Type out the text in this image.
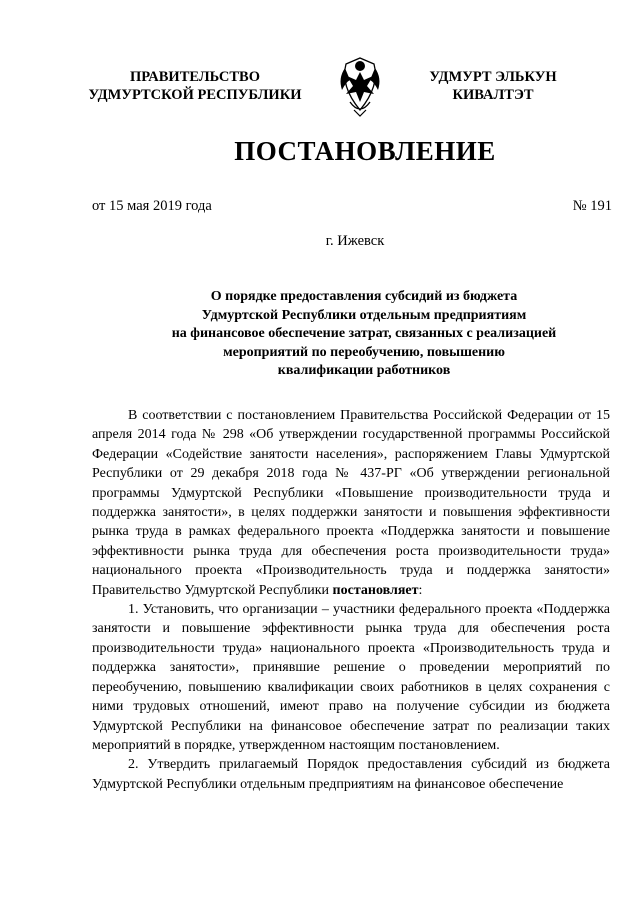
ПРАВИТЕЛЬСТВО
УДМУРТСКОЙ РЕСПУБЛИКИ
УДМУРТ ЭЛЬКУН
КИВАЛТЭТ
ПОСТАНОВЛЕНИЕ
от 15 мая 2019 года	№ 191
г. Ижевск
О порядке предоставления субсидий из бюджета
Удмуртской Республики отдельным предприятиям
на финансовое обеспечение затрат, связанных с реализацией
мероприятий по переобучению, повышению
квалификации работников

В соответствии с постановлением Правительства Российской Федерации от 15 апреля 2014 года № 298 «Об утверждении государственной программы Российской Федерации «Содействие занятости населения», распоряжением Главы Удмуртской Республики от 29 декабря 2018 года № 437-РГ «Об утверждении региональной программы Удмуртской Республики «Повышение производительности труда и поддержка занятости», в целях поддержки занятости и повышения эффективности рынка труда в рамках федерального проекта «Поддержка занятости и повышение эффективности рынка труда для обеспечения роста производительности труда» национального проекта «Производительность труда и поддержка занятости» Правительство Удмуртской Республики постановляет:

1. Установить, что организации – участники федерального проекта «Поддержка занятости и повышение эффективности рынка труда для обеспечения роста производительности труда» национального проекта «Производительность труда и поддержка занятости», принявшие решение о проведении мероприятий по переобучению, повышению квалификации своих работников в целях сохранения с ними трудовых отношений, имеют право на получение субсидии из бюджета Удмуртской Республики на финансовое обеспечение затрат по реализации таких мероприятий в порядке, утвержденном настоящим постановлением.

2. Утвердить прилагаемый Порядок предоставления субсидий из бюджета Удмуртской Республики отдельным предприятиям на финансовое обеспечение
